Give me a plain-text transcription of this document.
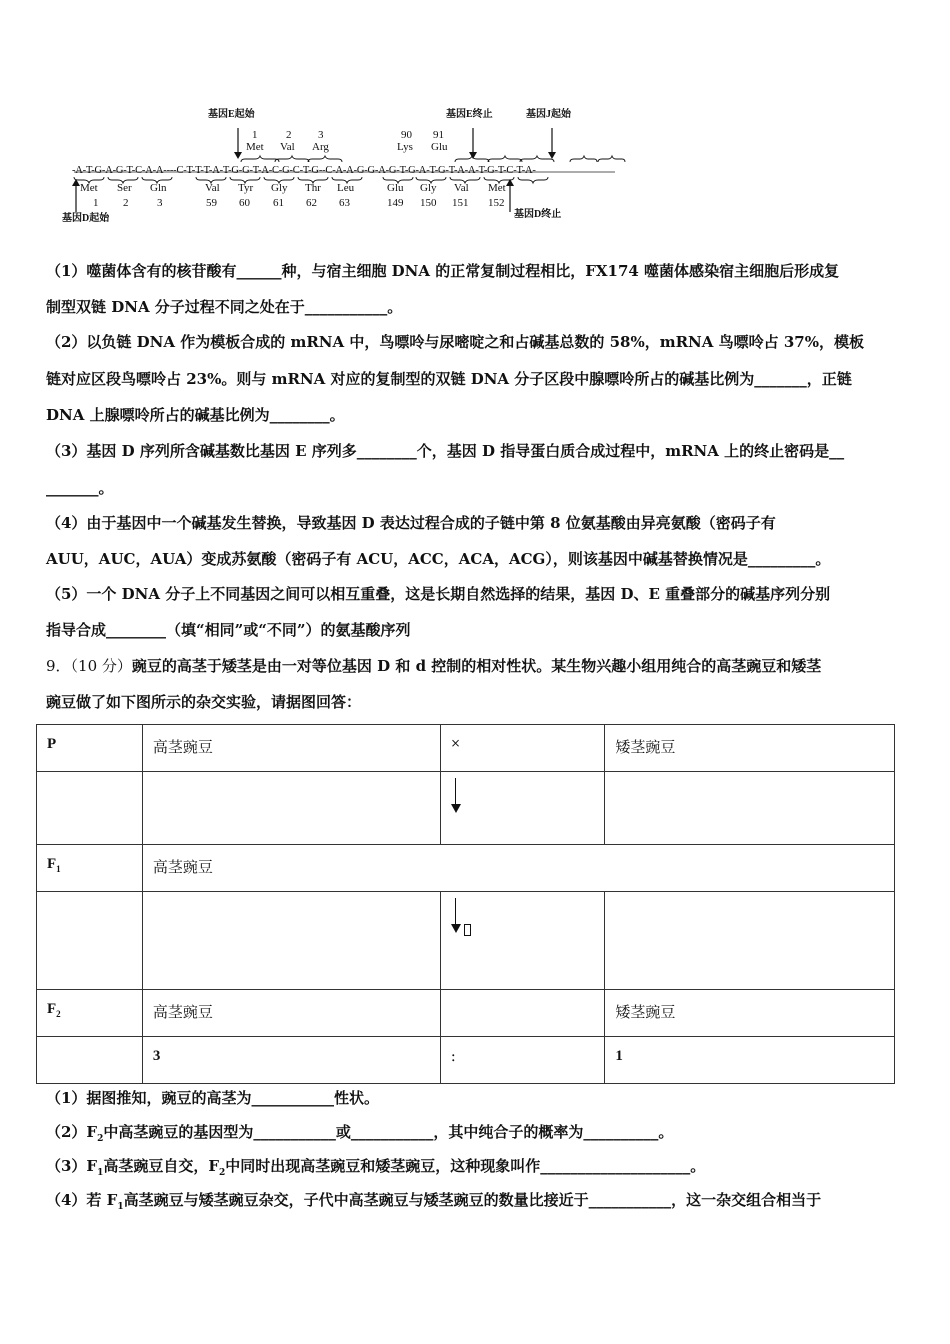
基因E起始	基因E终止	基因J起始
1
Met
2
Val
3
Arg
90
Lys
91
Glu
-A-T-G-A-G-T-C-A-A----C-T-T-T-A-T-G-G-T-A-C-G-C-T-G--C-A-A-G-G-A-G-T-G-A-T-G-T-A-A-T-G-T-C-T-A-
Met
1
Ser
2
Gln
3
Val
59
Tyr
60
Gly
61
Thr
62
Leu
63
Glu
149
Gly
150
Val
151
Met
152
基因D起始	基因D终止
（1）噬菌体含有的核苷酸有______种，与宿主细胞 DNA 的正常复制过程相比，FX174 噬菌体感染宿主细胞后形成复
制型双链 DNA 分子过程不同之处在于___________。
（2）以负链 DNA 作为模板合成的 mRNA 中，鸟嘌呤与尿嘧啶之和占碱基总数的 58%，mRNA 鸟嘌呤占 37%，模板
链对应区段鸟嘌呤占 23%。则与 mRNA 对应的复制型的双链 DNA 分子区段中腺嘌呤所占的碱基比例为_______，正链
DNA 上腺嘌呤所占的碱基比例为________。
（3）基因 D 序列所含碱基数比基因 E 序列多________个，基因 D 指导蛋白质合成过程中，mRNA 上的终止密码是__
_______。
（4）由于基因中一个碱基发生替换，导致基因 D 表达过程合成的子链中第 8 位氨基酸由异亮氨酸（密码子有
AUU，AUC，AUA）变成苏氨酸（密码子有 ACU，ACC，ACA，ACG），则该基因中碱基替换情况是_________。
（5）一个 DNA 分子上不同基因之间可以相互重叠，这是长期自然选择的结果，基因 D、E 重叠部分的碱基序列分别
指导合成________（填“相同”或“不同”）的氨基酸序列
9．（10 分）豌豆的高茎于矮茎是由一对等位基因 D 和 d 控制的相对性状。某生物兴趣小组用纯合的高茎豌豆和矮茎
豌豆做了如下图所示的杂交实验，请据图回答：
P	高茎豌豆	×	矮茎豌豆

$F_1$	高茎豌豆		

$F_2$	高茎豌豆		矮茎豌豆

	3	：	1
（1）据图推知，豌豆的高茎为___________性状。
$(2)F_2$中高茎豌豆的基因型为___________或___________，其中纯合子的概率为__________。
$(3)F_1$高茎豌豆自交，$F_2$中同时出现高茎豌豆和矮茎豌豆，这种现象叫作____________________。
（4）若 $F_1$高茎豌豆与矮茎豌豆杂交，子代中高茎豌豆与矮茎豌豆的数量比接近于___________，这一杂交组合相当于
